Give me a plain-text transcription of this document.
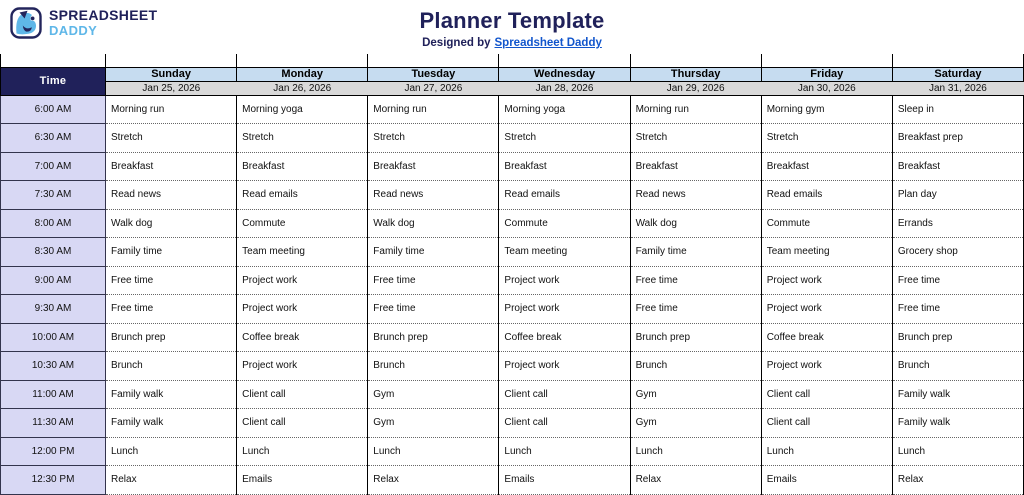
SPREADSHEET
DADDY	Planner Template
Designed by Spreadsheet Daddy

Time	Sunday	Monday	Tuesday	Wednesday	Thursday	Friday	Saturday
	Jan 25, 2026	Jan 26, 2026	Jan 27, 2026	Jan 28, 2026	Jan 29, 2026	Jan 30, 2026	Jan 31, 2026
6:00 AM	Morning run	Morning yoga	Morning run	Morning yoga	Morning run	Morning gym	Sleep in
6:30 AM	Stretch	Stretch	Stretch	Stretch	Stretch	Stretch	Breakfast prep
7:00 AM	Breakfast	Breakfast	Breakfast	Breakfast	Breakfast	Breakfast	Breakfast
7:30 AM	Read news	Read emails	Read news	Read emails	Read news	Read emails	Plan day
8:00 AM	Walk dog	Commute	Walk dog	Commute	Walk dog	Commute	Errands
8:30 AM	Family time	Team meeting	Family time	Team meeting	Family time	Team meeting	Grocery shop
9:00 AM	Free time	Project work	Free time	Project work	Free time	Project work	Free time
9:30 AM	Free time	Project work	Free time	Project work	Free time	Project work	Free time
10:00 AM	Brunch prep	Coffee break	Brunch prep	Coffee break	Brunch prep	Coffee break	Brunch prep
10:30 AM	Brunch	Project work	Brunch	Project work	Brunch	Project work	Brunch
11:00 AM	Family walk	Client call	Gym	Client call	Gym	Client call	Family walk
11:30 AM	Family walk	Client call	Gym	Client call	Gym	Client call	Family walk
12:00 PM	Lunch	Lunch	Lunch	Lunch	Lunch	Lunch	Lunch
12:30 PM	Relax	Emails	Relax	Emails	Relax	Emails	Relax
